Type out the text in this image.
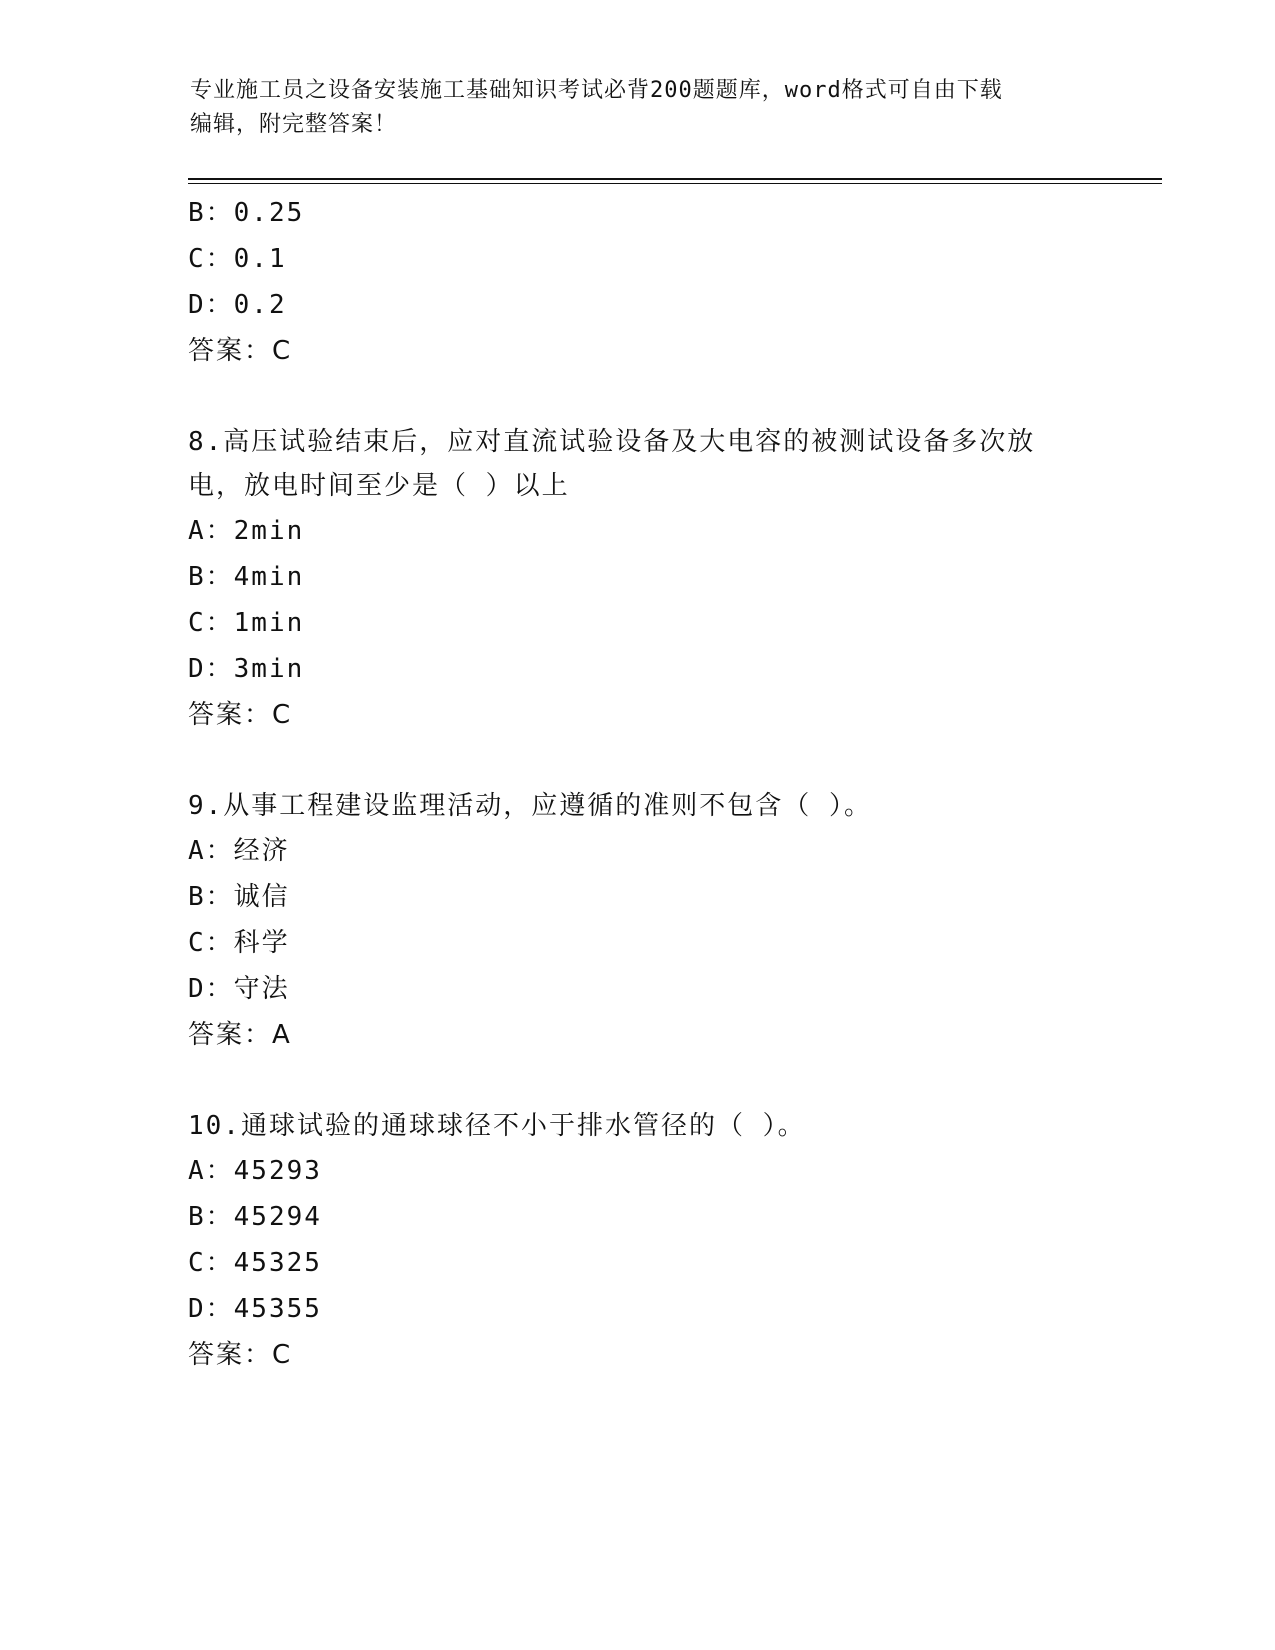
专业施工员之设备安装施工基础知识考试必背200题题库，word格式可自由下载
编辑，附完整答案！
B：0.25
C：0.1
D：0.2
答案：C
8.高压试验结束后，应对直流试验设备及大电容的被测试设备多次放
电，放电时间至少是（ ）以上
A：2min
B：4min
C：1min
D：3min
答案：C
9.从事工程建设监理活动，应遵循的准则不包含（ ）。
A：经济
B：诚信
C：科学
D：守法
答案：A
10.通球试验的通球球径不小于排水管径的（ ）。
A：45293
B：45294
C：45325
D：45355
答案：C
